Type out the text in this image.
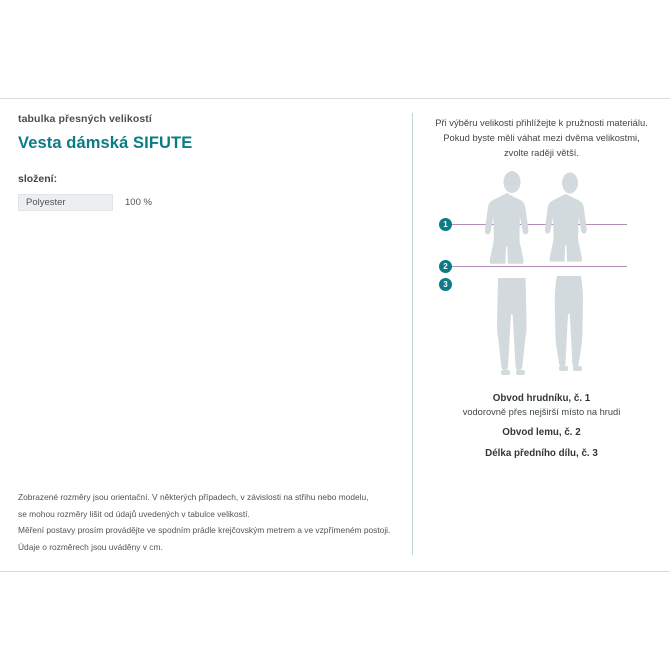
tabulka přesných velikostí

Vesta dámská SIFUTE

složení:

Polyester	100 %
Zobrazené rozměry jsou orientační. V některých případech, v závislosti na střihu nebo modelu,
se mohou rozměry lišit od údajů uvedených v tabulce velikostí.
Měření postavy prosím provádějte ve spodním prádle krejčovským metrem a ve vzpřímeném postoji.
Údaje o rozměrech jsou uváděny v cm.
Při výběru velikosti přihlížejte k pružnosti materiálu.
Pokud byste měli váhat mezi dvěma velikostmi,
zvolte raději větší.
1
2
3
Obvod hrudníku, č. 1
vodorovně přes nejširší místo na hrudi
Obvod lemu, č. 2
Délka předního dílu, č. 3
